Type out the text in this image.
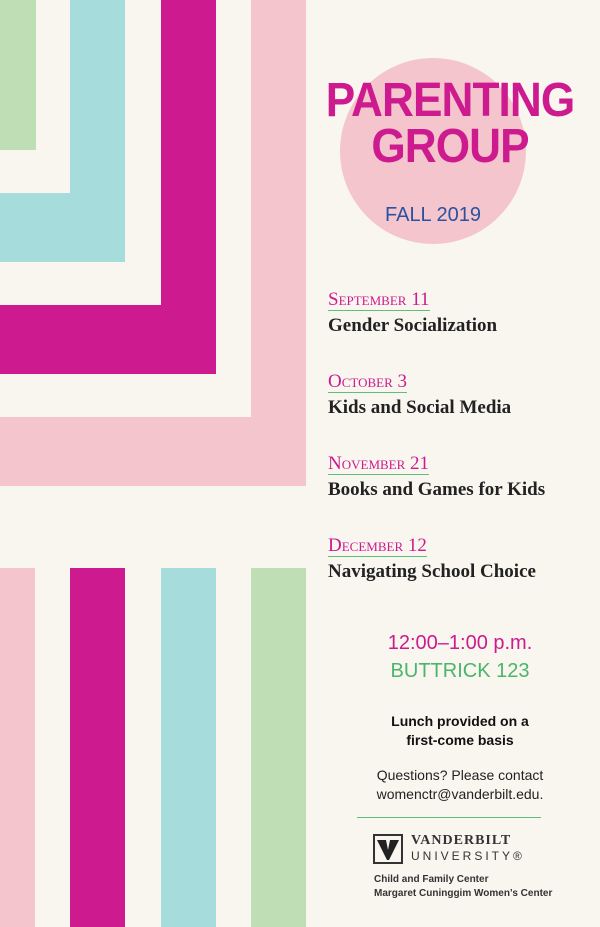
PARENTING
GROUP
FALL 2019
September 11
Gender Socialization
October 3
Kids and Social Media
November 21
Books and Games for Kids
December 12
Navigating School Choice
12:00–1:00 p.m.
BUTTRICK 123
Lunch provided on a
first-come basis
Questions? Please contact
womenctr@vanderbilt.edu.
VANDERBILT
UNIVERSITY®
Child and Family Center
Margaret Cuninggim Women’s Center
